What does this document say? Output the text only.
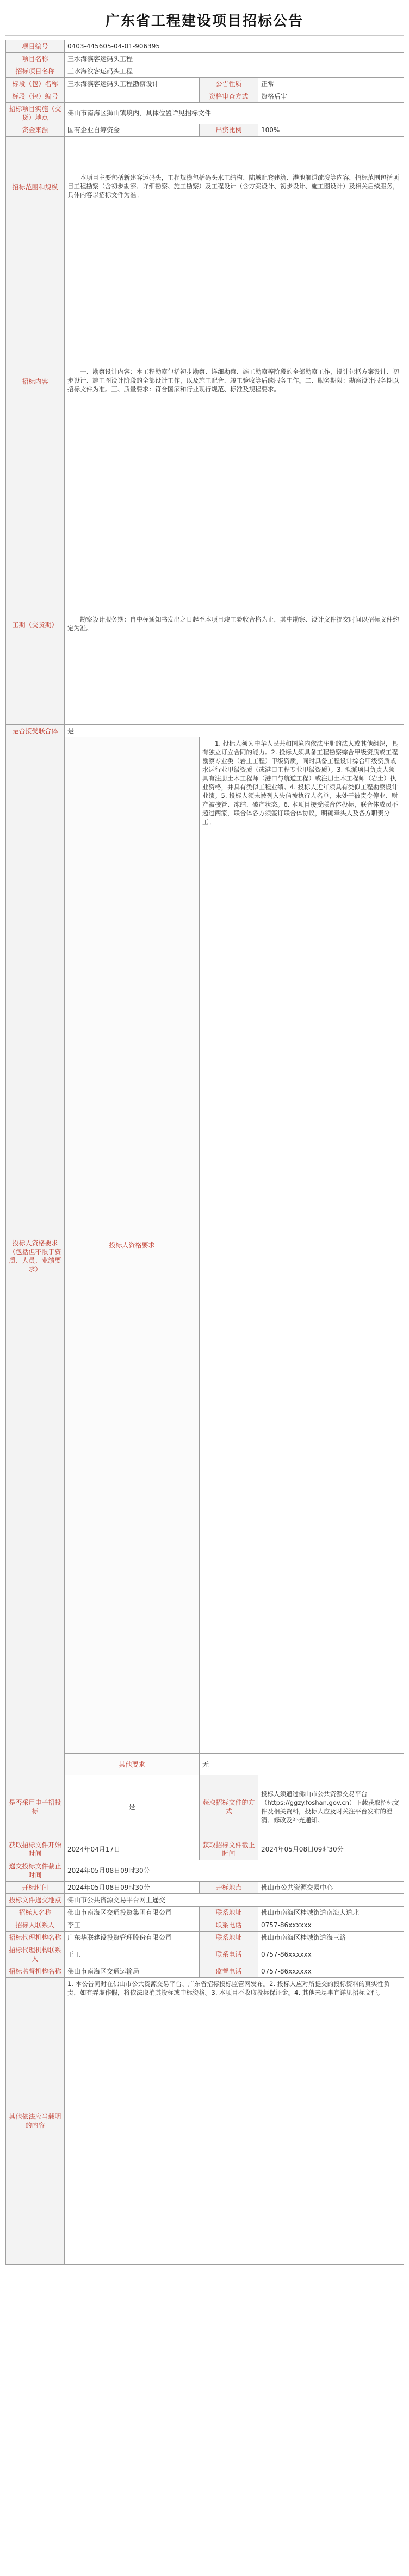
广东省工程建设项目招标公告
项目编号	0403-445605-04-01-906395		
项目名称	三水海滨客运码头工程		
招标项目名称	三水海滨客运码头工程		
标段（包）名称	三水海滨客运码头工程勘察设计	公告性质	正常
标段（包）编号		资格审查方式	资格后审
招标项目实施（交货）地点	佛山市南海区狮山镇境内，具体位置详见招标文件		
资金来源	国有企业自筹资金	出资比例	100%
招标范围和规模	本项目主要包括新建客运码头，工程规模包括码头水工结构、陆域配套建筑、港池航道疏浚等内容，招标范围包括项目工程勘察（含初步勘察、详细勘察、施工勘察）及工程设计（含方案设计、初步设计、施工图设计）及相关后续服务，具体内容以招标文件为准。		

招标内容	一、勘察设计内容：本工程勘察包括初步勘察、详细勘察、施工勘察等阶段的全部勘察工作，设计包括方案设计、初步设计、施工图设计阶段的全部设计工作，以及施工配合、竣工验收等后续服务工作。二、服务期限：勘察设计服务期以招标文件为准。三、质量要求：符合国家和行业现行规范、标准及规程要求。		

工期（交货期）	勘察设计服务期：自中标通知书发出之日起至本项目竣工验收合格为止，其中勘察、设计文件提交时间以招标文件约定为准。		

是否接受联合体	是		
投标人资格要求（包括但不限于资质、人员、业绩要求）	投标人资格要求	1. 投标人须为中华人民共和国境内依法注册的法人或其他组织，具有独立订立合同的能力。2. 投标人须具备工程勘察综合甲级资质或工程勘察专业类（岩土工程）甲级资质，同时具备工程设计综合甲级资质或水运行业甲级资质（或港口工程专业甲级资质）。3. 拟派项目负责人须具有注册土木工程师（港口与航道工程）或注册土木工程师（岩土）执业资格，并具有类似工程业绩。4. 投标人近年须具有类似工程勘察设计业绩。5. 投标人须未被列入失信被执行人名单，未处于被责令停业、财产被接管、冻结、破产状态。6. 本项目接受联合体投标，联合体成员不超过两家，联合体各方须签订联合体协议，明确牵头人及各方职责分工。	

	其他要求	无	
是否采用电子招投标	是	获取招标文件的方式	投标人须通过佛山市公共资源交易平台（https://ggzy.foshan.gov.cn）下载获取招标文件及相关资料，投标人应及时关注平台发布的澄清、修改及补充通知。
获取招标文件开始时间	2024年04月17日	获取招标文件截止时间	2024年05月08日09时30分
递交投标文件截止时间	2024年05月08日09时30分		
开标时间	2024年05月08日09时30分	开标地点	佛山市公共资源交易中心
投标文件递交地点	佛山市公共资源交易平台网上递交		
招标人名称	佛山市南海区交通投资集团有限公司	联系地址	佛山市南海区桂城街道南海大道北
招标人联系人	李工	联系电话	0757-86xxxxxx
招标代理机构名称	广东华联建设投资管理股份有限公司	联系地址	佛山市南海区桂城街道海三路
招标代理机构联系人	王工	联系电话	0757-86xxxxxx
招标监督机构名称	佛山市南海区交通运输局	监督电话	0757-86xxxxxx
其他依法应当载明的内容	1. 本公告同时在佛山市公共资源交易平台、广东省招标投标监管网发布。2. 投标人应对所提交的投标资料的真实性负责，如有弄虚作假，将依法取消其投标或中标资格。3. 本项目不收取投标保证金。4. 其他未尽事宜详见招标文件。		
